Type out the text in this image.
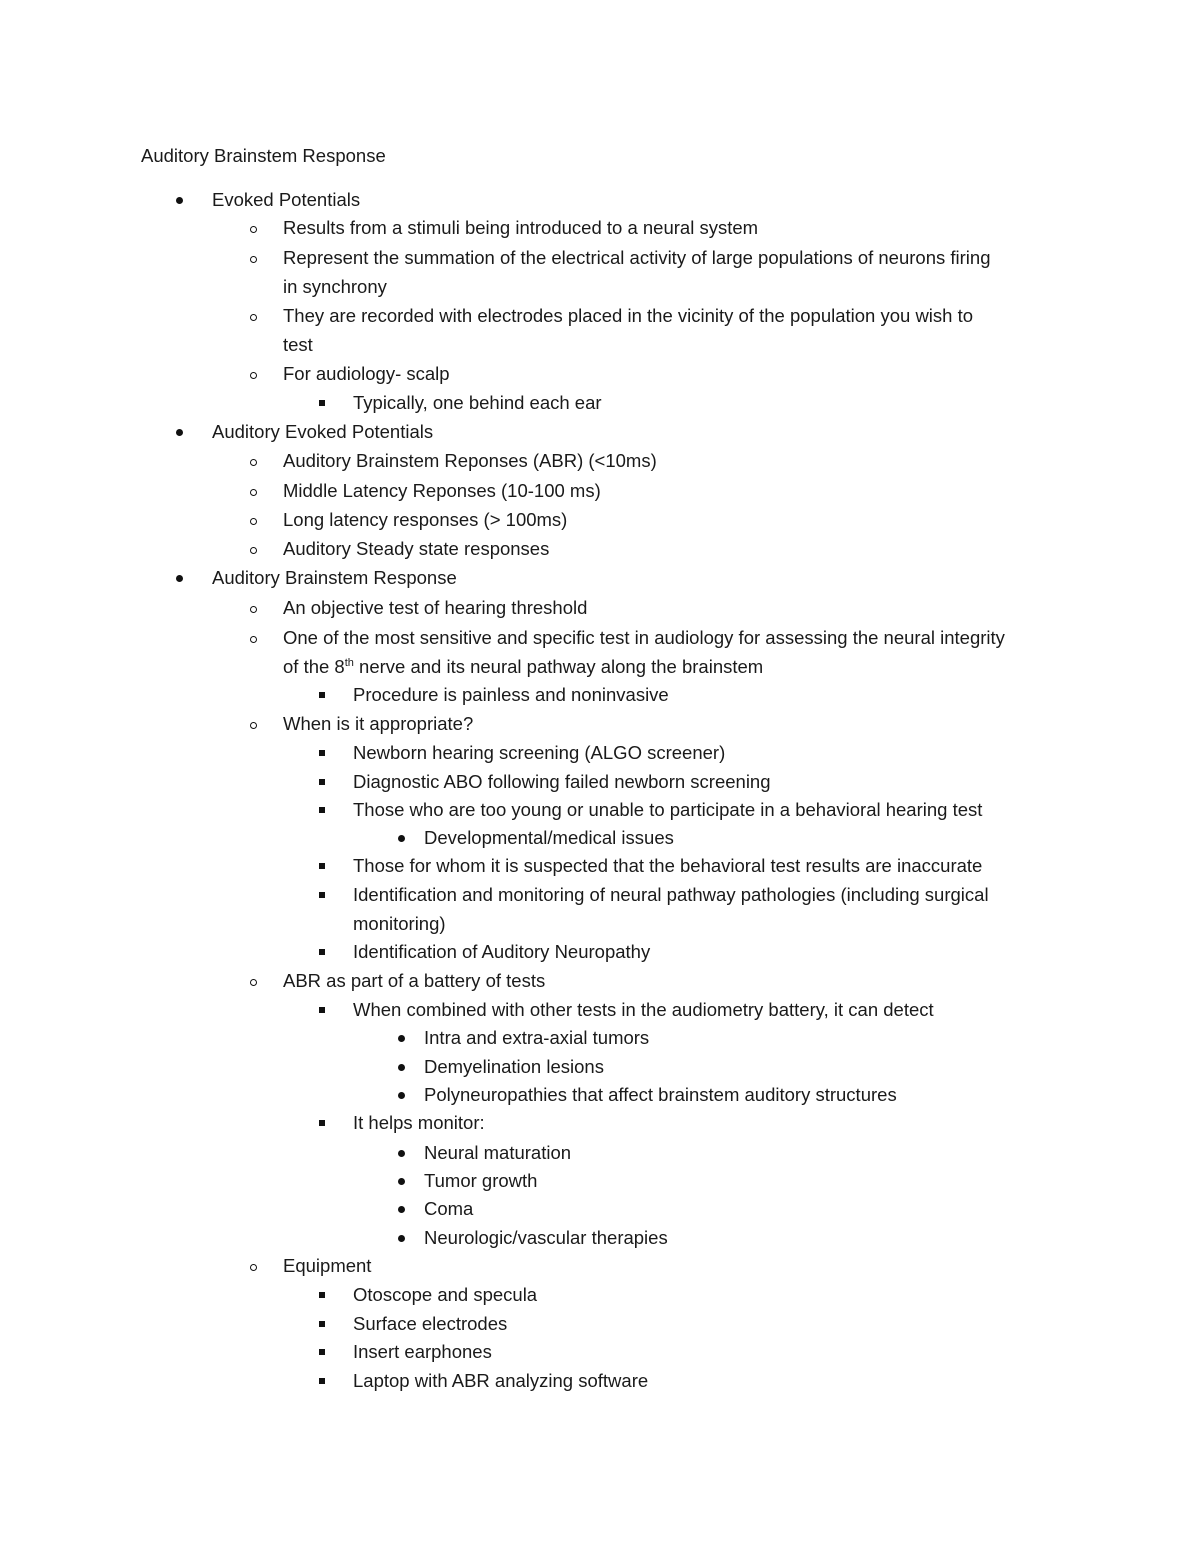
Auditory Brainstem Response
Evoked Potentials
Results from a stimuli being introduced to a neural system
Represent the summation of the electrical activity of large populations of neurons firing
in synchrony
They are recorded with electrodes placed in the vicinity of the population you wish to
test
For audiology- scalp
Typically, one behind each ear
Auditory Evoked Potentials
Auditory Brainstem Reponses (ABR) (<10ms)
Middle Latency Reponses (10-100 ms)
Long latency responses (> 100ms)
Auditory Steady state responses
Auditory Brainstem Response
An objective test of hearing threshold
One of the most sensitive and specific test in audiology for assessing the neural integrity
of the 8th nerve and its neural pathway along the brainstem
Procedure is painless and noninvasive
When is it appropriate?
Newborn hearing screening (ALGO screener)
Diagnostic ABO following failed newborn screening
Those who are too young or unable to participate in a behavioral hearing test
Developmental/medical issues
Those for whom it is suspected that the behavioral test results are inaccurate
Identification and monitoring of neural pathway pathologies (including surgical
monitoring)
Identification of Auditory Neuropathy
ABR as part of a battery of tests
When combined with other tests in the audiometry battery, it can detect
Intra and extra-axial tumors
Demyelination lesions
Polyneuropathies that affect brainstem auditory structures
It helps monitor:
Neural maturation
Tumor growth
Coma
Neurologic/vascular therapies
Equipment
Otoscope and specula
Surface electrodes
Insert earphones
Laptop with ABR analyzing software
